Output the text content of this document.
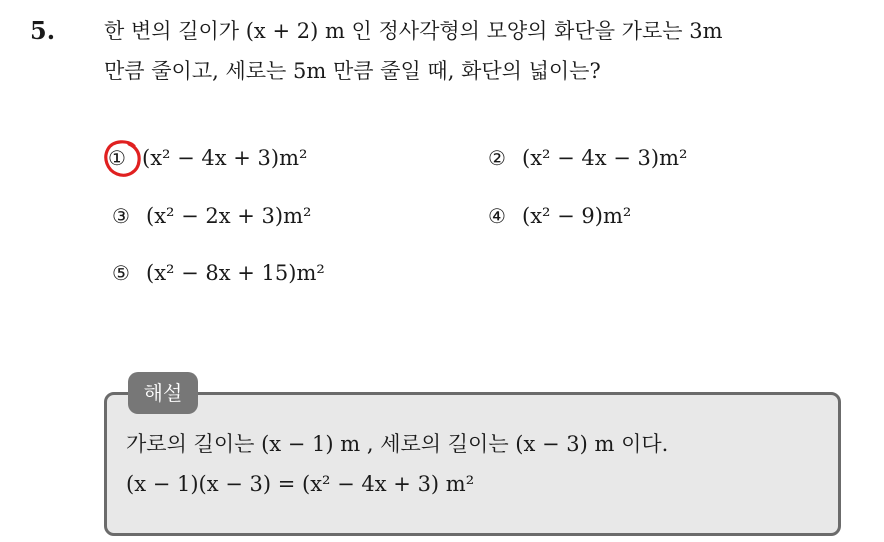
5. 한 변의 길이가 (x + 2) m 인 정사각형의 모양의 화단을 가로는 3m
만큼 줄이고, 세로는 5m 만큼 줄일 때, 화단의 넓이는?
① (x² − 4x + 3)m²	② (x² − 4x − 3)m²
③ (x² − 2x + 3)m²	④ (x² − 9)m²
⑤ (x² − 8x + 15)m²
해설
가로의 길이는 (x − 1) m , 세로의 길이는 (x − 3) m 이다.
(x − 1)(x − 3) = (x² − 4x + 3) m²
